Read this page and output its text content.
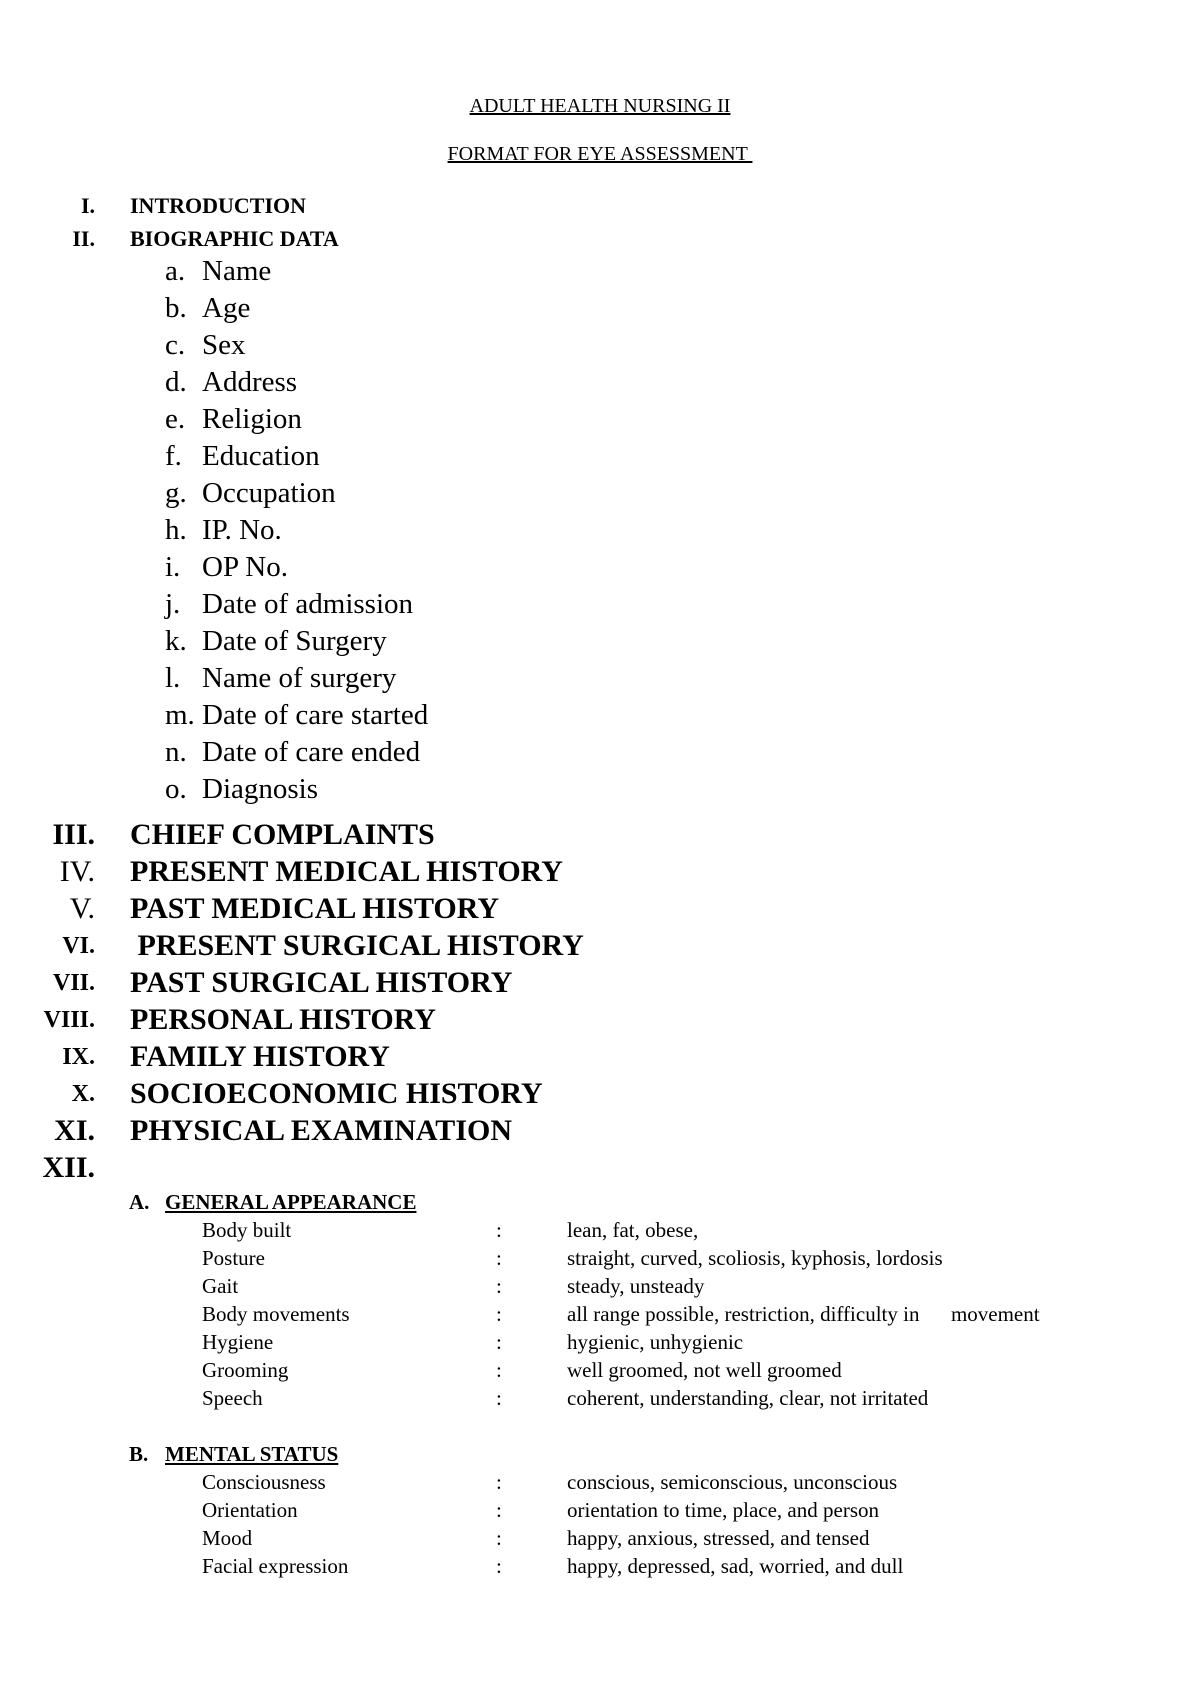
ADULT HEALTH NURSING II
FORMAT FOR EYE ASSESSMENT
I. INTRODUCTION
II. BIOGRAPHIC DATA
a. Name
b. Age
c. Sex
d. Address
e. Religion
f. Education
g. Occupation
h. IP. No.
i. OP No.
j. Date of admission
k. Date of Surgery
l. Name of surgery
m. Date of care started
n. Date of care ended
o. Diagnosis
III. CHIEF COMPLAINTS
IV. PRESENT MEDICAL HISTORY
V. PAST MEDICAL HISTORY
VI. PRESENT SURGICAL HISTORY
VII. PAST SURGICAL HISTORY
VIII. PERSONAL HISTORY
IX. FAMILY HISTORY
X. SOCIOECONOMIC HISTORY
XI. PHYSICAL EXAMINATION
XII.
A. GENERAL APPEARANCE
Body built	:	lean, fat, obese,
Posture	:	straight, curved, scoliosis, kyphosis, lordosis
Gait	:	steady, unsteady
Body movements	:	all range possible, restriction, difficulty in      movement
Hygiene	:	hygienic, unhygienic
Grooming	:	well groomed, not well groomed
Speech	:	coherent, understanding, clear, not irritated
B. MENTAL STATUS
Consciousness	:	conscious, semiconscious, unconscious
Orientation	:	orientation to time, place, and person
Mood	:	happy, anxious, stressed, and tensed
Facial expression	:	happy, depressed, sad, worried, and dull
